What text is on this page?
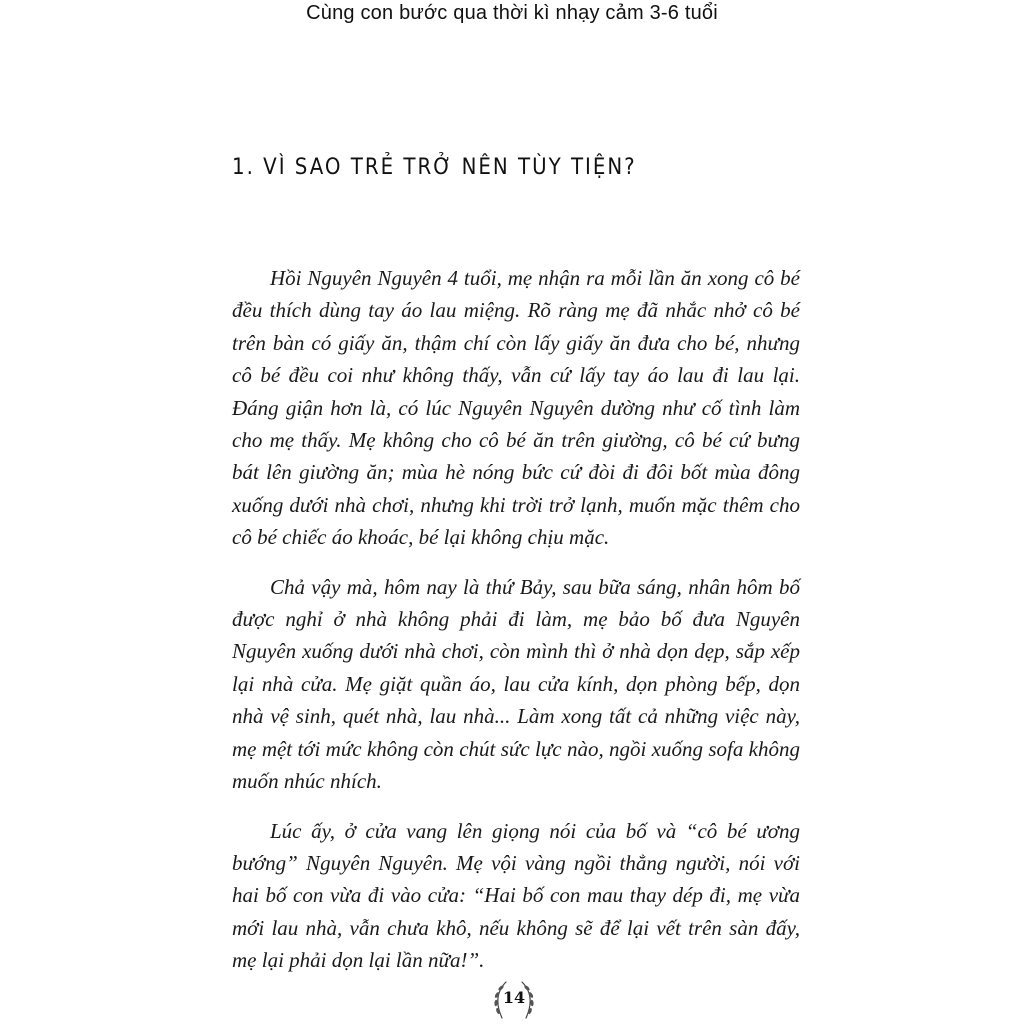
Cùng con bước qua thời kì nhạy cảm 3-6 tuổi
1. VÌ SAO TRẺ TRỞ NÊN TÙY TIỆN?

Hồi Nguyên Nguyên 4 tuổi, mẹ nhận ra mỗi lần ăn xong cô bé đều thích dùng tay áo lau miệng. Rõ ràng mẹ đã nhắc nhở cô bé trên bàn có giấy ăn, thậm chí còn lấy giấy ăn đưa cho bé, nhưng cô bé đều coi như không thấy, vẫn cứ lấy tay áo lau đi lau lại. Đáng giận hơn là, có lúc Nguyên Nguyên dường như cố tình làm cho mẹ thấy. Mẹ không cho cô bé ăn trên giường, cô bé cứ bưng bát lên giường ăn; mùa hè nóng bức cứ đòi đi đôi bốt mùa đông xuống dưới nhà chơi, nhưng khi trời trở lạnh, muốn mặc thêm cho cô bé chiếc áo khoác, bé lại không chịu mặc.

Chả vậy mà, hôm nay là thứ Bảy, sau bữa sáng, nhân hôm bố được nghỉ ở nhà không phải đi làm, mẹ bảo bố đưa Nguyên Nguyên xuống dưới nhà chơi, còn mình thì ở nhà dọn dẹp, sắp xếp lại nhà cửa. Mẹ giặt quần áo, lau cửa kính, dọn phòng bếp, dọn nhà vệ sinh, quét nhà, lau nhà... Làm xong tất cả những việc này, mẹ mệt tới mức không còn chút sức lực nào, ngồi xuống sofa không muốn nhúc nhích.

Lúc ấy, ở cửa vang lên giọng nói của bố và “cô bé ương bướng” Nguyên Nguyên. Mẹ vội vàng ngồi thẳng người, nói với hai bố con vừa đi vào cửa: “Hai bố con mau thay dép đi, mẹ vừa mới lau nhà, vẫn chưa khô, nếu không sẽ để lại vết trên sàn đấy, mẹ lại phải dọn lại lần nữa!”.

14
